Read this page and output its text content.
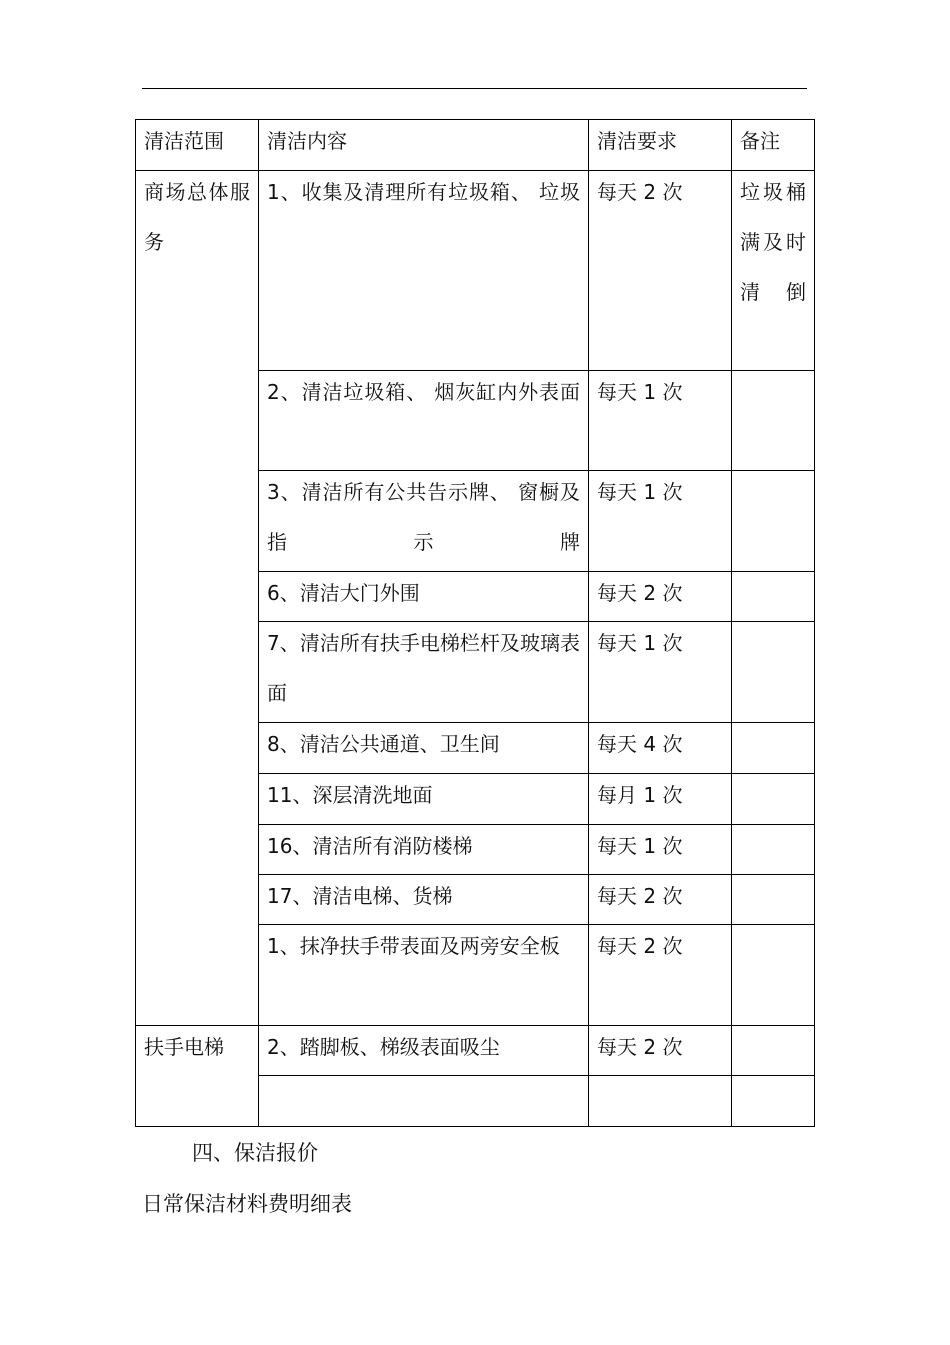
清洁范围	清洁内容	清洁要求	备注

商场总体服务	1、收集及清理所有垃圾箱、 垃圾	每天 2 次	垃圾桶满及时清倒

	2、清洁垃圾箱、 烟灰缸内外表面	每天 1 次	

	3、清洁所有公共告示牌、 窗橱及指示牌	每天 1 次	

	6、清洁大门外围	每天 2 次	

	7、清洁所有扶手电梯栏杆及玻璃表面	每天 1 次	

	8、清洁公共通道、卫生间	每天 4 次	

	11、深层清洗地面	每月 1 次	

	16、清洁所有消防楼梯	每天 1 次	

	17、清洁电梯、货梯	每天 2 次	

	1、抹净扶手带表面及两旁安全板	每天 2 次	

扶手电梯	2、踏脚板、梯级表面吸尘	每天 2 次	

四、保洁报价
日常保洁材料费明细表
